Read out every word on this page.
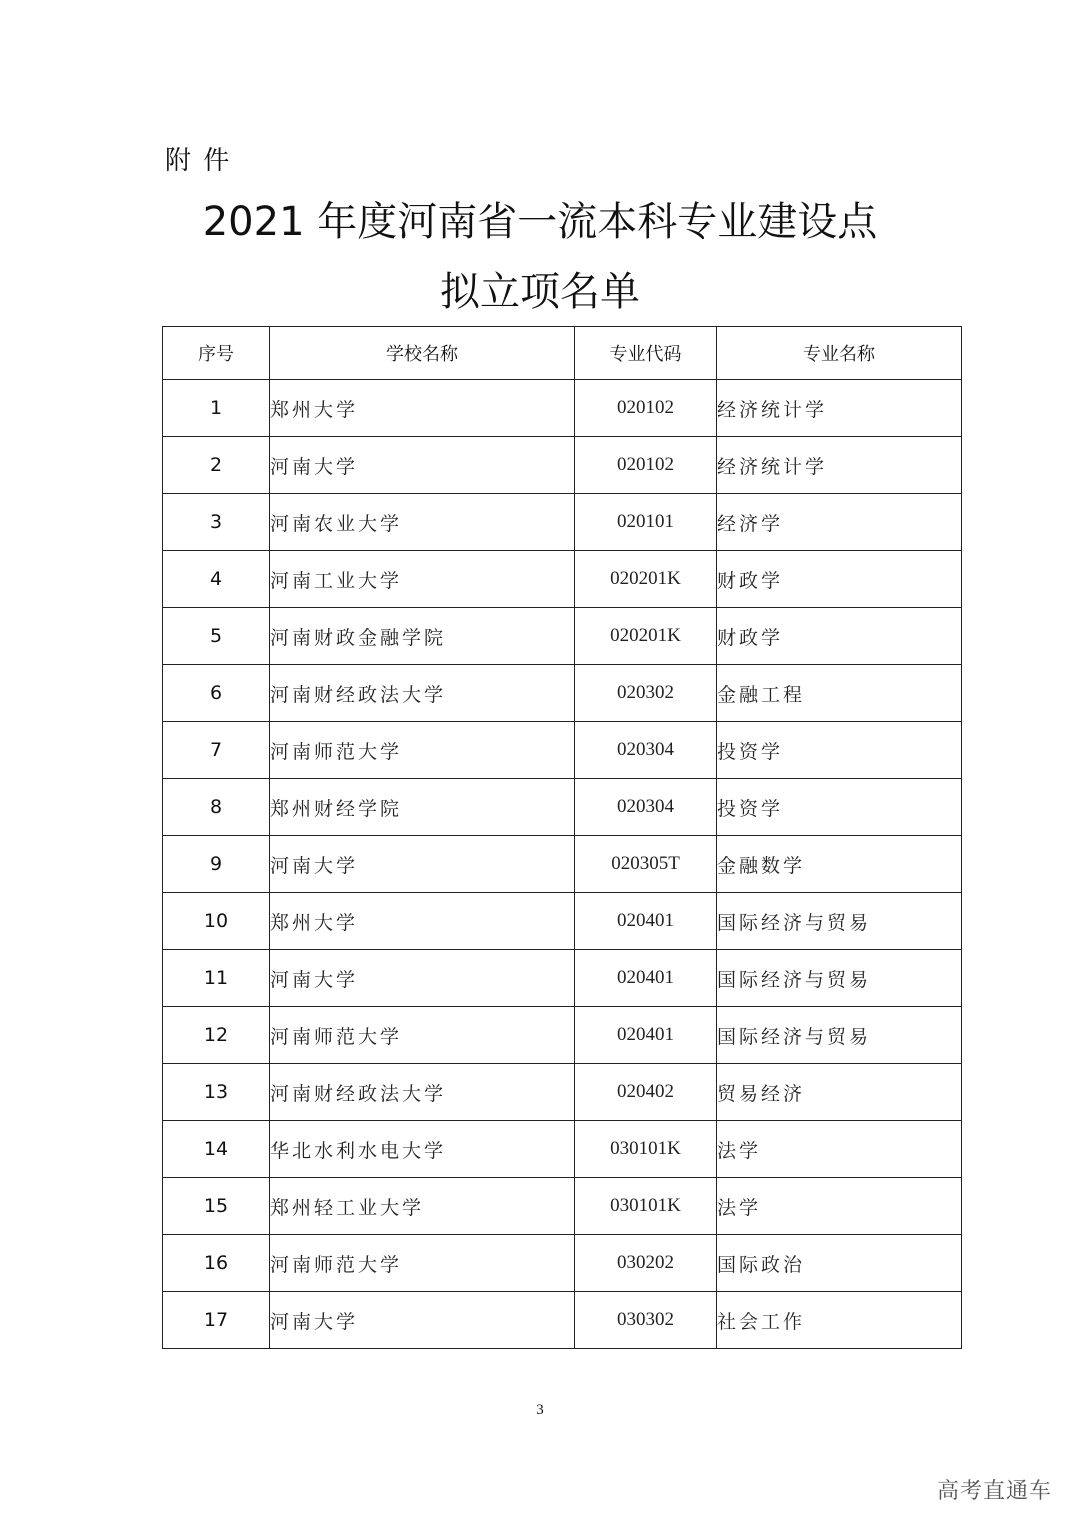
附 件
2021 年度河南省一流本科专业建设点
拟立项名单
序号	学校名称	专业代码	专业名称
1	郑州大学	020102	经济统计学
2	河南大学	020102	经济统计学
3	河南农业大学	020101	经济学
4	河南工业大学	020201K	财政学
5	河南财政金融学院	020201K	财政学
6	河南财经政法大学	020302	金融工程
7	河南师范大学	020304	投资学
8	郑州财经学院	020304	投资学
9	河南大学	020305T	金融数学
10	郑州大学	020401	国际经济与贸易
11	河南大学	020401	国际经济与贸易
12	河南师范大学	020401	国际经济与贸易
13	河南财经政法大学	020402	贸易经济
14	华北水利水电大学	030101K	法学
15	郑州轻工业大学	030101K	法学
16	河南师范大学	030202	国际政治
17	河南大学	030302	社会工作
3
高考直通车
